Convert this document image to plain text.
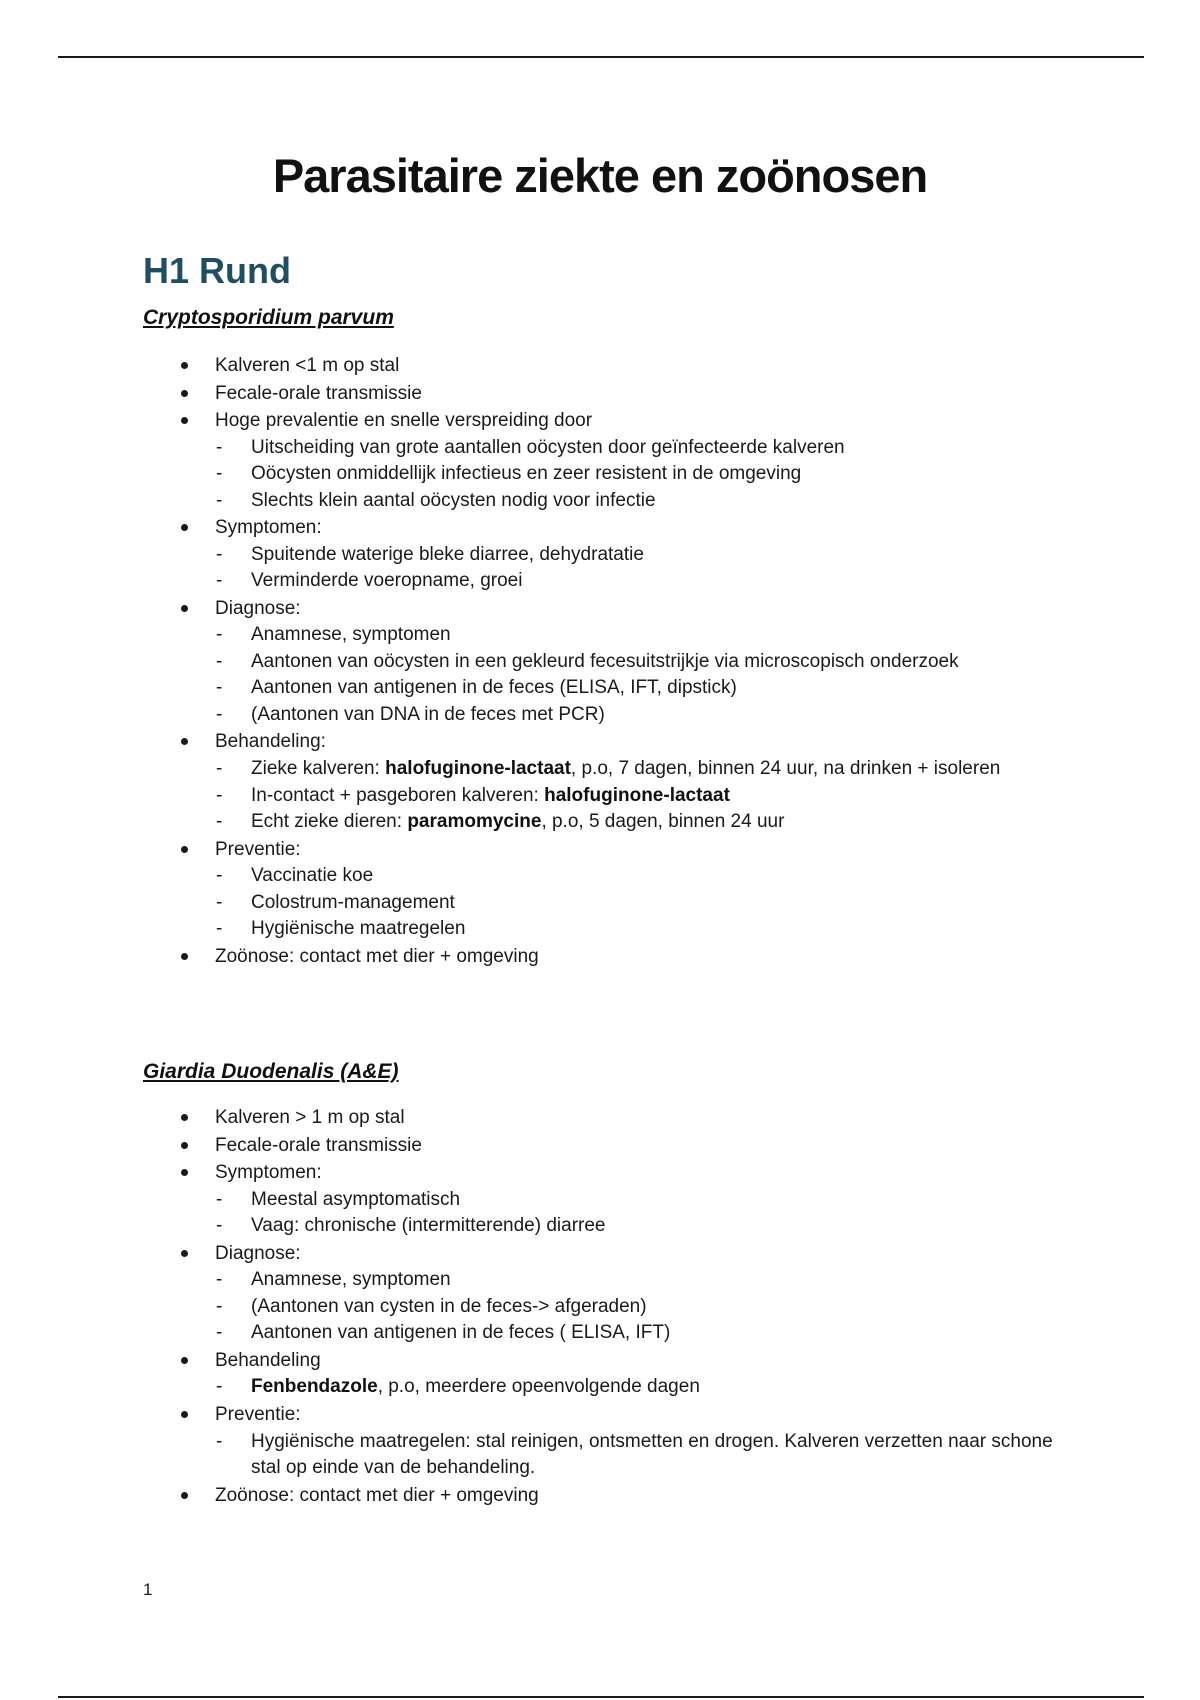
Parasitaire ziekte en zoönosen
H1 Rund
Cryptosporidium parvum
Kalveren <1 m op stal
Fecale-orale transmissie
Hoge prevalentie en snelle verspreiding door
- Uitscheiding van grote aantallen oöcysten door geïnfecteerde kalveren
- Oöcysten onmiddellijk infectieus en zeer resistent in de omgeving
- Slechts klein aantal oöcysten nodig voor infectie
Symptomen:
- Spuitende waterige bleke diarree, dehydratatie
- Verminderde voeropname, groei
Diagnose:
- Anamnese, symptomen
- Aantonen van oöcysten in een gekleurd fecesuitstrijkje via microscopisch onderzoek
- Aantonen van antigenen in de feces (ELISA, IFT, dipstick)
- (Aantonen van DNA in de feces met PCR)
Behandeling:
- Zieke kalveren: halofuginone-lactaat, p.o, 7 dagen, binnen 24 uur, na drinken + isoleren
- In-contact + pasgeboren kalveren: halofuginone-lactaat
- Echt zieke dieren: paramomycine, p.o, 5 dagen, binnen 24 uur
Preventie:
- Vaccinatie koe
- Colostrum-management
- Hygiënische maatregelen
Zoönose: contact met dier + omgeving
Giardia Duodenalis (A&E)
Kalveren > 1 m op stal
Fecale-orale transmissie
Symptomen:
- Meestal asymptomatisch
- Vaag: chronische (intermitterende) diarree
Diagnose:
- Anamnese, symptomen
- (Aantonen van cysten in de feces-> afgeraden)
- Aantonen van antigenen in de feces ( ELISA, IFT)
Behandeling
- Fenbendazole, p.o, meerdere opeenvolgende dagen
Preventie:
- Hygiënische maatregelen: stal reinigen, ontsmetten en drogen. Kalveren verzetten naar schone stal op einde van de behandeling.
Zoönose: contact met dier + omgeving
1
